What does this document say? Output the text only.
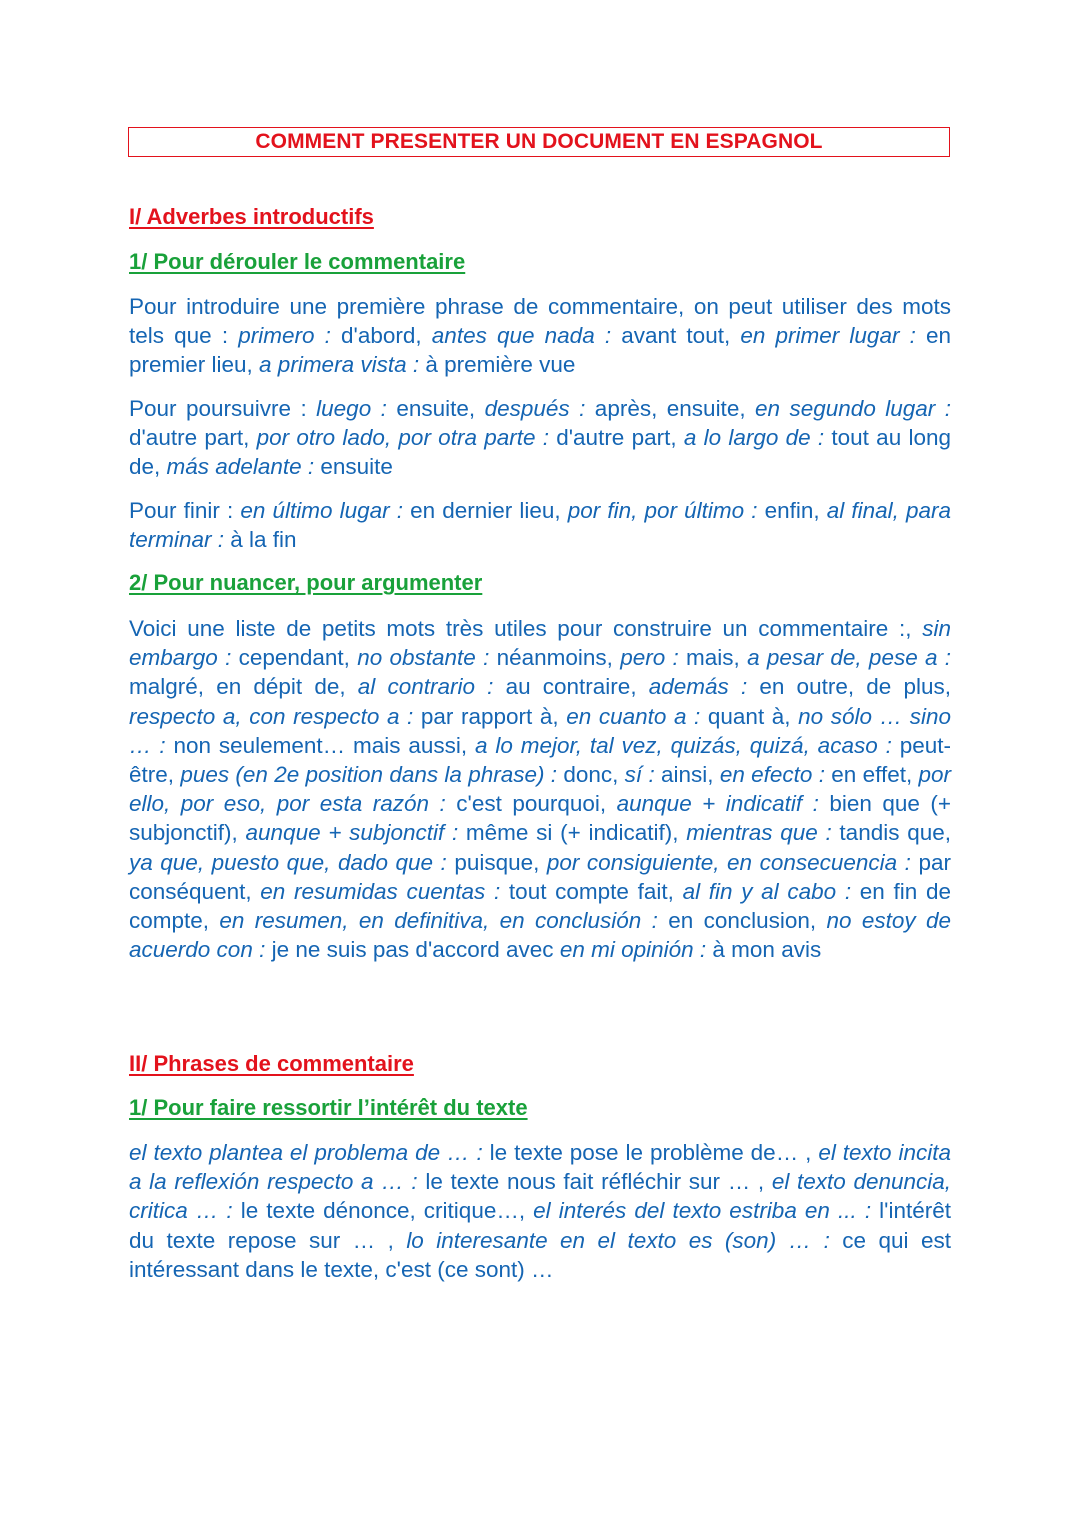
COMMENT PRESENTER UN DOCUMENT EN ESPAGNOL
I/ Adverbes introductifs
1/ Pour dérouler le commentaire

Pour introduire une première phrase de commentaire, on peut utiliser des mots tels que : primero : d'abord, antes que nada : avant tout, en primer lugar : en premier lieu, a primera vista : à première vue

Pour poursuivre : luego : ensuite, después : après, ensuite, en segundo lugar : d'autre part, por otro lado, por otra parte : d'autre part, a lo largo de : tout au long de, más adelante : ensuite

Pour finir : en último lugar : en dernier lieu, por fin, por último : enfin, al final, para terminar : à la fin

2/ Pour nuancer, pour argumenter

Voici une liste de petits mots très utiles pour construire un commentaire :, sin embargo : cependant, no obstante : néanmoins, pero : mais, a pesar de, pese a : malgré, en dépit de, al contrario : au contraire, además : en outre, de plus, respecto a, con respecto a : par rapport à, en cuanto a : quant à, no sólo … sino … : non seulement… mais aussi, a lo mejor, tal vez, quizás, quizá, acaso : peut-être, pues (en 2e position dans la phrase) : donc, sí : ainsi, en efecto : en effet, por ello, por eso, por esta razón : c'est pourquoi, aunque + indicatif : bien que (+ subjonctif), aunque + subjonctif : même si (+ indicatif), mientras que : tandis que, ya que, puesto que, dado que : puisque, por consiguiente, en consecuencia : par conséquent, en resumidas cuentas : tout compte fait, al fin y al cabo : en fin de compte, en resumen, en definitiva, en conclusión : en conclusion, no estoy de acuerdo con : je ne suis pas d'accord avec en mi opinión : à mon avis

II/ Phrases de commentaire
1/ Pour faire ressortir l’intérêt du texte

el texto plantea el problema de … : le texte pose le problème de… , el texto incita a la reflexión respecto a … : le texte nous fait réfléchir sur … , el texto denuncia, critica … : le texte dénonce, critique…, el interés del texto estriba en ... : l'intérêt du texte repose sur … , lo interesante en el texto es (son) … : ce qui est intéressant dans le texte, c'est (ce sont) …
